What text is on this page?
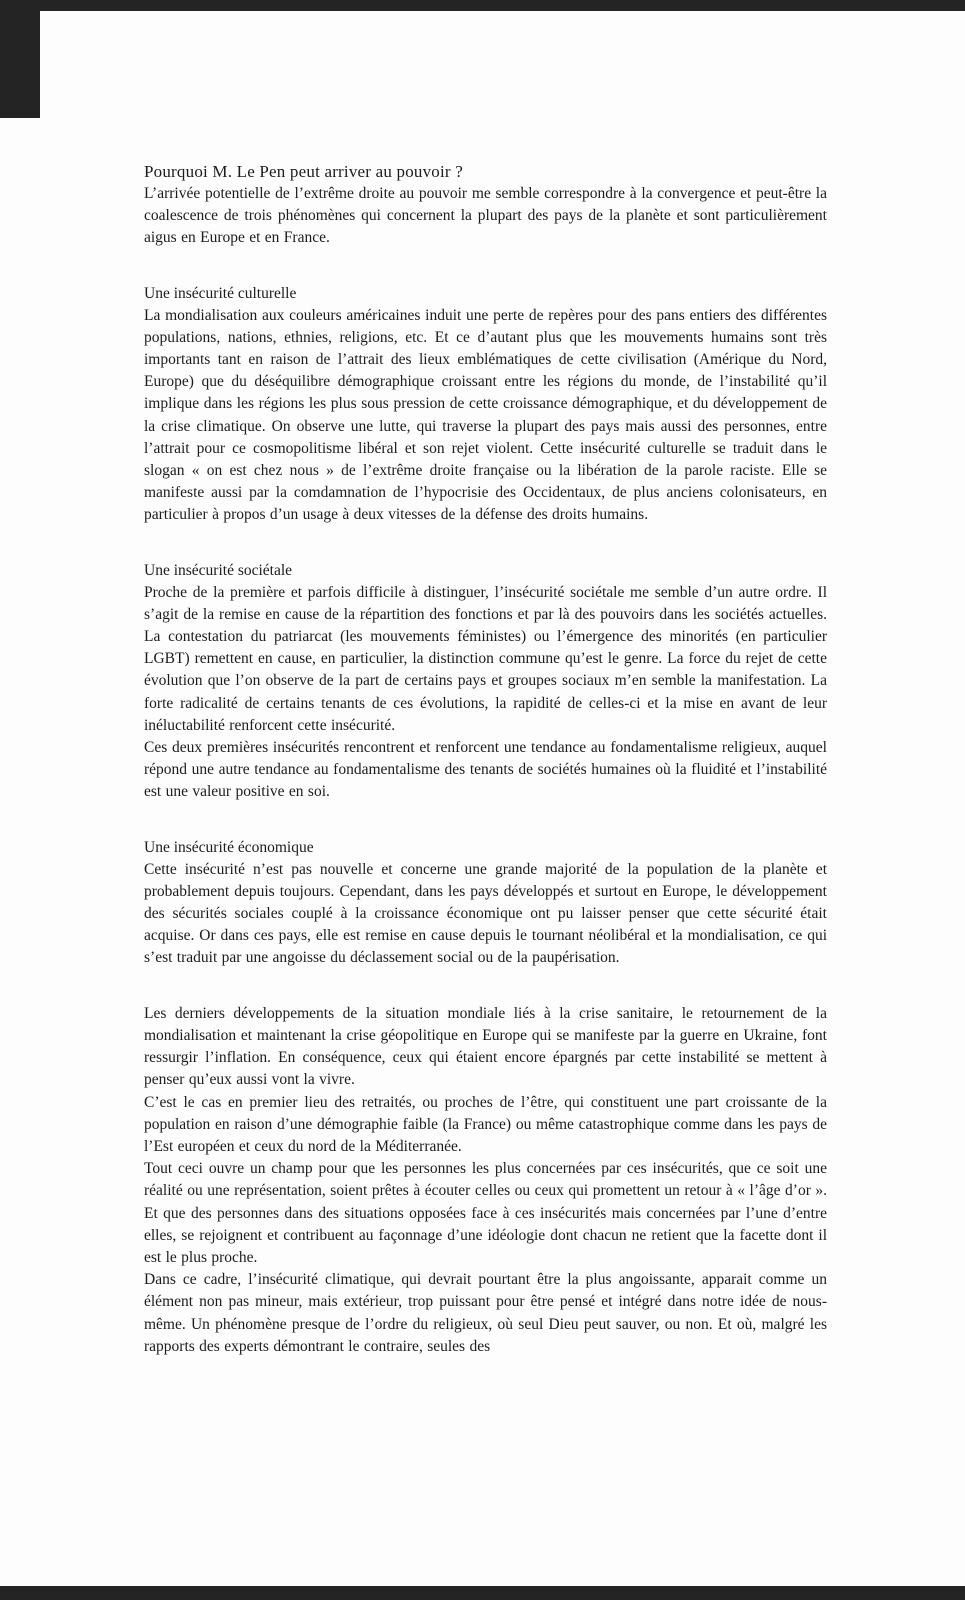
Pourquoi M. Le Pen peut arriver au pouvoir ?

L’arrivée potentielle de l’extrême droite au pouvoir me semble correspondre à la convergence et peut-être la coalescence de trois phénomènes qui concernent la plupart des pays de la planète et sont particulièrement aigus en Europe et en France.

Une insécurité culturelle

La mondialisation aux couleurs américaines induit une perte de repères pour des pans entiers des différentes populations, nations, ethnies, religions, etc. Et ce d’autant plus que les mouvements humains sont très importants tant en raison de l’attrait des lieux emblématiques de cette civilisation (Amérique du Nord, Europe) que du déséquilibre démographique croissant entre les régions du monde, de l’instabilité qu’il implique dans les régions les plus sous pression de cette croissance démographique, et du développement de la crise climatique. On observe une lutte, qui traverse la plupart des pays mais aussi des personnes, entre l’attrait pour ce cosmopolitisme libéral et son rejet violent. Cette insécurité culturelle se traduit dans le slogan « on est chez nous » de l’extrême droite française ou la libération de la parole raciste. Elle se manifeste aussi par la comdamnation de l’hypocrisie des Occidentaux, de plus anciens colonisateurs, en particulier à propos d’un usage à deux vitesses de la défense des droits humains.

Une insécurité sociétale

Proche de la première et parfois difficile à distinguer, l’insécurité sociétale me semble d’un autre ordre. Il s’agit de la remise en cause de la répartition des fonctions et par là des pouvoirs dans les sociétés actuelles. La contestation du patriarcat (les mouvements féministes) ou l’émergence des minorités (en particulier LGBT) remettent en cause, en particulier, la distinction commune qu’est le genre. La force du rejet de cette évolution que l’on observe de la part de certains pays et groupes sociaux m’en semble la manifestation. La forte radicalité de certains tenants de ces évolutions, la rapidité de celles-ci et la mise en avant de leur inéluctabilité renforcent cette insécurité.

Ces deux premières insécurités rencontrent et renforcent une tendance au fondamentalisme religieux, auquel répond une autre tendance au fondamentalisme des tenants de sociétés humaines où la fluidité et l’instabilité est une valeur positive en soi.

Une insécurité économique

Cette insécurité n’est pas nouvelle et concerne une grande majorité de la population de la planète et probablement depuis toujours. Cependant, dans les pays développés et surtout en Europe, le développement des sécurités sociales couplé à la croissance économique ont pu laisser penser que cette sécurité était acquise. Or dans ces pays, elle est remise en cause depuis le tournant néolibéral et la mondialisation, ce qui s’est traduit par une angoisse du déclassement social ou de la paupérisation.

Les derniers développements de la situation mondiale liés à la crise sanitaire, le retournement de la mondialisation et maintenant la crise géopolitique en Europe qui se manifeste par la guerre en Ukraine, font ressurgir l’inflation. En conséquence, ceux qui étaient encore épargnés par cette instabilité se mettent à penser qu’eux aussi vont la vivre.

C’est le cas en premier lieu des retraités, ou proches de l’être, qui constituent une part croissante de la population en raison d’une démographie faible (la France) ou même catastrophique comme dans les pays de l’Est européen et ceux du nord de la Méditerranée.

Tout ceci ouvre un champ pour que les personnes les plus concernées par ces insécurités, que ce soit une réalité ou une représentation, soient prêtes à écouter celles ou ceux qui promettent un retour à « l’âge d’or ». Et que des personnes dans des situations opposées face à ces insécurités mais concernées par l’une d’entre elles, se rejoignent et contribuent au façonnage d’une idéologie dont chacun ne retient que la facette dont il est le plus proche.

Dans ce cadre, l’insécurité climatique, qui devrait pourtant être la plus angoissante, apparait comme un élément non pas mineur, mais extérieur, trop puissant pour être pensé et intégré dans notre idée de nous-même. Un phénomène presque de l’ordre du religieux, où seul Dieu peut sauver, ou non. Et où, malgré les rapports des experts démontrant le contraire, seules des
